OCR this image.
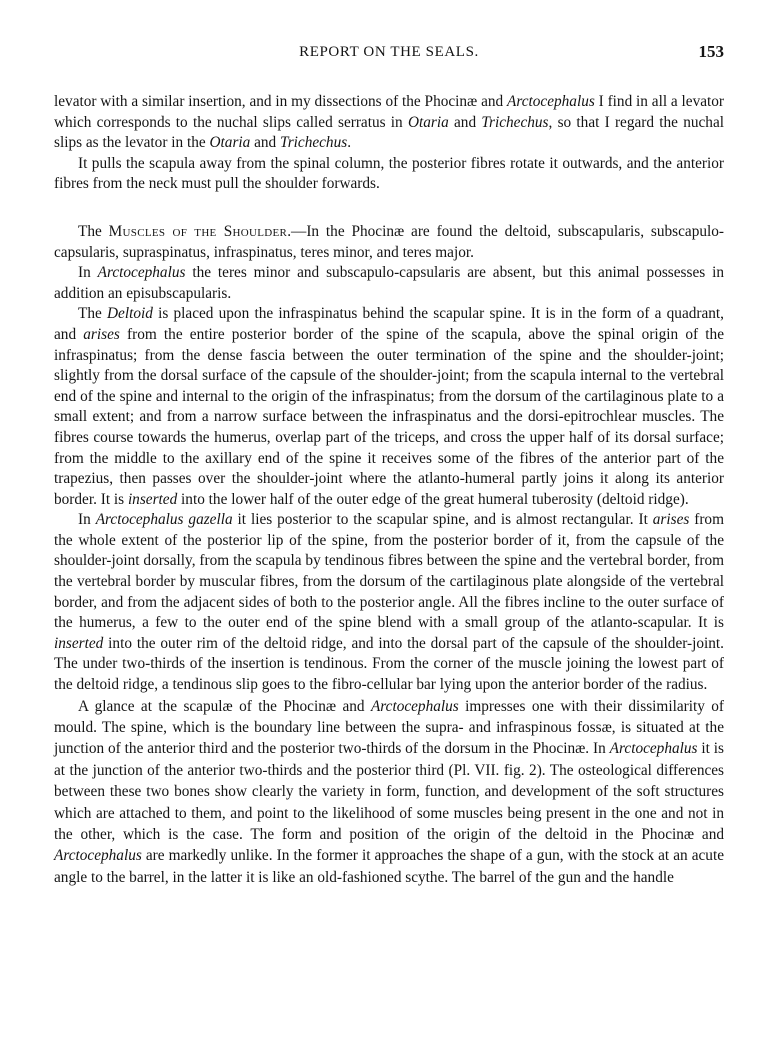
REPORT ON THE SEALS.	153

levator with a similar insertion, and in my dissections of the Phocinæ and Arctocephalus I find in all a levator which corresponds to the nuchal slips called serratus in Otaria and Trichechus, so that I regard the nuchal slips as the levator in the Otaria and Trichechus.

It pulls the scapula away from the spinal column, the posterior fibres rotate it outwards, and the anterior fibres from the neck must pull the shoulder forwards.

The Muscles of the Shoulder.—In the Phocinæ are found the deltoid, subscapularis, subscapulo-capsularis, supraspinatus, infraspinatus, teres minor, and teres major.

In Arctocephalus the teres minor and subscapulo-capsularis are absent, but this animal possesses in addition an episubscapularis.

The Deltoid is placed upon the infraspinatus behind the scapular spine. It is in the form of a quadrant, and arises from the entire posterior border of the spine of the scapula, above the spinal origin of the infraspinatus; from the dense fascia between the outer termination of the spine and the shoulder-joint; slightly from the dorsal surface of the capsule of the shoulder-joint; from the scapula internal to the vertebral end of the spine and internal to the origin of the infraspinatus; from the dorsum of the cartilaginous plate to a small extent; and from a narrow surface between the infraspinatus and the dorsi-epitrochlear muscles. The fibres course towards the humerus, overlap part of the triceps, and cross the upper half of its dorsal surface; from the middle to the axillary end of the spine it receives some of the fibres of the anterior part of the trapezius, then passes over the shoulder-joint where the atlanto-humeral partly joins it along its anterior border. It is inserted into the lower half of the outer edge of the great humeral tuberosity (deltoid ridge).

In Arctocephalus gazella it lies posterior to the scapular spine, and is almost rectangular. It arises from the whole extent of the posterior lip of the spine, from the posterior border of it, from the capsule of the shoulder-joint dorsally, from the scapula by tendinous fibres between the spine and the vertebral border, from the vertebral border by muscular fibres, from the dorsum of the cartilaginous plate alongside of the vertebral border, and from the adjacent sides of both to the posterior angle. All the fibres incline to the outer surface of the humerus, a few to the outer end of the spine blend with a small group of the atlanto-scapular. It is inserted into the outer rim of the deltoid ridge, and into the dorsal part of the capsule of the shoulder-joint. The under two-thirds of the insertion is tendinous. From the corner of the muscle joining the lowest part of the deltoid ridge, a tendinous slip goes to the fibro-cellular bar lying upon the anterior border of the radius.

A glance at the scapulæ of the Phocinæ and Arctocephalus impresses one with their dissimilarity of mould. The spine, which is the boundary line between the supra- and infraspinous fossæ, is situated at the junction of the anterior third and the posterior two-thirds of the dorsum in the Phocinæ. In Arctocephalus it is at the junction of the anterior two-thirds and the posterior third (Pl. VII. fig. 2). The osteological differences between these two bones show clearly the variety in form, function, and development of the soft structures which are attached to them, and point to the likelihood of some muscles being present in the one and not in the other, which is the case. The form and position of the origin of the deltoid in the Phocinæ and Arctocephalus are markedly unlike. In the former it approaches the shape of a gun, with the stock at an acute angle to the barrel, in the latter it is like an old-fashioned scythe. The barrel of the gun and the handle
